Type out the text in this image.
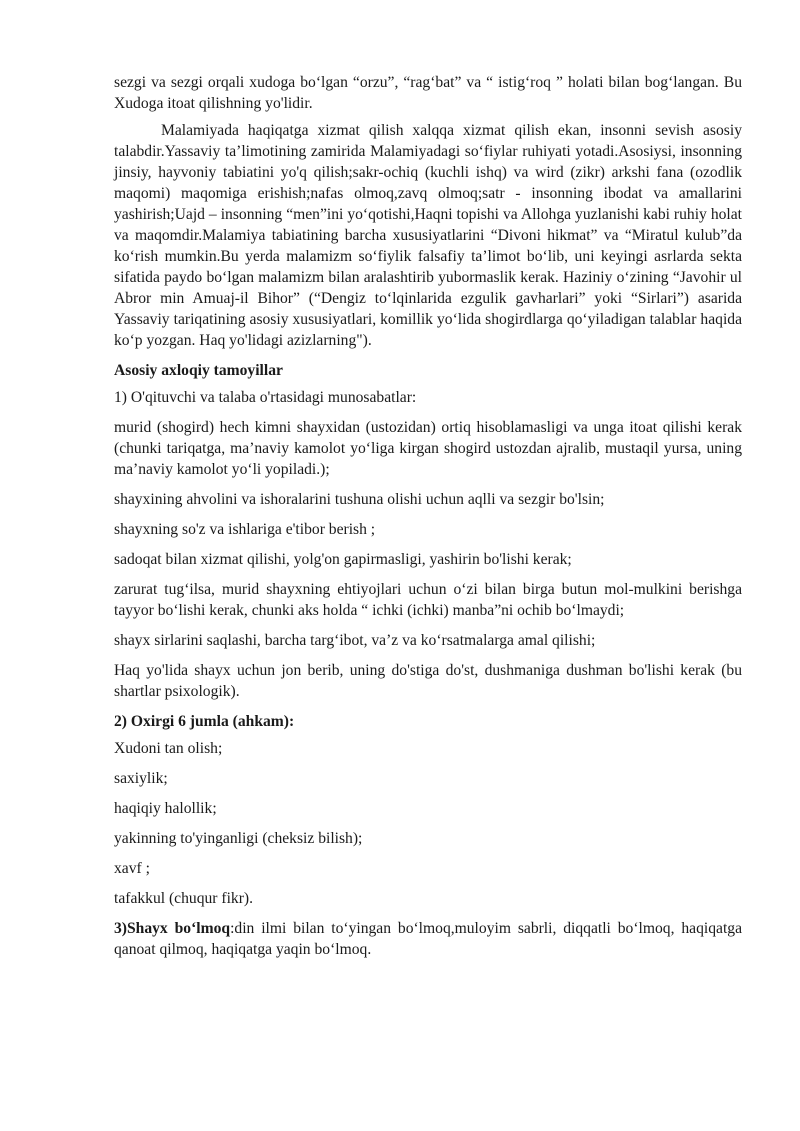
sezgi va sezgi orqali xudoga bo‘lgan “orzu”, “rag‘bat” va “ istig‘roq ” holati bilan bog‘langan. Bu Xudoga itoat qilishning yo'lidir.

Malamiyada haqiqatga xizmat qilish xalqqa xizmat qilish ekan, insonni sevish asosiy talabdir.Yassaviy ta’limotining zamirida Malamiyadagi so‘fiylar ruhiyati yotadi.Asosiysi, insonning jinsiy, hayvoniy tabiatini yo'q qilish;sakr-ochiq (kuchli ishq) va wird (zikr) arkshi fana (ozodlik maqomi) maqomiga erishish;nafas olmoq,zavq olmoq;satr - insonning ibodat va amallarini yashirish;Uajd – insonning “men”ini yo‘qotishi,Haqni topishi va Allohga yuzlanishi kabi ruhiy holat va maqomdir.Malamiya tabiatining barcha xususiyatlarini “Divoni hikmat” va “Miratul kulub”da ko‘rish mumkin.Bu yerda malamizm so‘fiylik falsafiy ta’limot bo‘lib, uni keyingi asrlarda sekta sifatida paydo bo‘lgan malamizm bilan aralashtirib yubormaslik kerak. Haziniy o‘zining “Javohir ul Abror min Amuaj-il Bihor” (“Dengiz to‘lqinlarida ezgulik gavharlari” yoki “Sirlari”) asarida Yassaviy tariqatining asosiy xususiyatlari, komillik yo‘lida shogirdlarga qo‘yiladigan talablar haqida ko‘p yozgan. Haq yo'lidagi azizlarning").

Asosiy axloqiy tamoyillar

1) O'qituvchi va talaba o'rtasidagi munosabatlar:

murid (shogird) hech kimni shayxidan (ustozidan) ortiq hisoblamasligi va unga itoat qilishi kerak (chunki tariqatga, ma’naviy kamolot yo‘liga kirgan shogird ustozdan ajralib, mustaqil yursa, uning ma’naviy kamolot yo‘li yopiladi.);

shayxining ahvolini va ishoralarini tushuna olishi uchun aqlli va sezgir bo'lsin;

shayxning so'z va ishlariga e'tibor berish ;

sadoqat bilan xizmat qilishi, yolg'on gapirmasligi, yashirin bo'lishi kerak;

zarurat tug‘ilsa, murid shayxning ehtiyojlari uchun o‘zi bilan birga butun mol-mulkini berishga tayyor bo‘lishi kerak, chunki aks holda “ ichki (ichki) manba”ni ochib bo‘lmaydi;

shayx sirlarini saqlashi, barcha targ‘ibot, va’z va ko‘rsatmalarga amal qilishi;

Haq yo'lida shayx uchun jon berib, uning do'stiga do'st, dushmaniga dushman bo'lishi kerak (bu shartlar psixologik).

2) Oxirgi 6 jumla (ahkam):

Xudoni tan olish;

saxiylik;

haqiqiy halollik;

yakinning to'yinganligi (cheksiz bilish);

xavf ;

tafakkul (chuqur fikr).

3)Shayx bo‘lmoq:din ilmi bilan to‘yingan bo‘lmoq,muloyim sabrli, diqqatli bo‘lmoq, haqiqatga qanoat qilmoq, haqiqatga yaqin bo‘lmoq.
